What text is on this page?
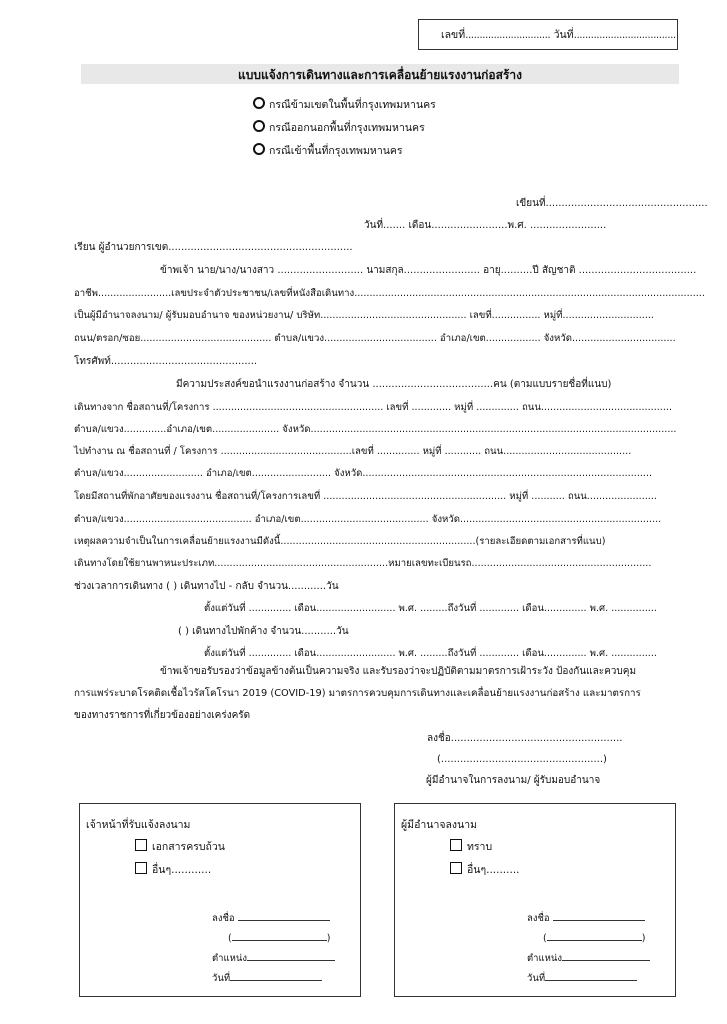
เลขที่.............................. วันที่....................................
แบบแจ้งการเดินทางและการเคลื่อนย้ายแรงงานก่อสร้าง
กรณีข้ามเขตในพื้นที่กรุงเทพมหานคร
กรณีออกนอกพื้นที่กรุงเทพมหานคร
กรณีเข้าพื้นที่กรุงเทพมหานคร
เขียนที่...................................................
วันที่....... เดือน........................พ.ศ. ........................
เรียน ผู้อำนวยการเขต..........................................................
ข้าพเจ้า นาย/นาง/นางสาว ........................... นามสกุล........................ อายุ..........ปี สัญชาติ .....................................
อาชีพ........................เลขประจำตัวประชาชน/เลขที่หนังสือเดินทาง...................................................................................................................
เป็นผู้มีอำนาจลงนาม/ ผู้รับมอบอำนาจ ของหน่วยงาน/ บริษัท................................................ เลขที่................ หมู่ที่..............................
ถนน/ตรอก/ซอย........................................... ตำบล/แขวง..................................... อำเภอ/เขต.................. จังหวัด..................................
โทรศัพท์..............................................
มีความประสงค์ขอนำแรงงานก่อสร้าง จำนวน ......................................คน (ตามแบบรายชื่อที่แนบ)
เดินทางจาก ชื่อสถานที่/โครงการ ........................................................ เลขที่ ............. หมู่ที่ .............. ถนน...........................................
ตำบล/แขวง..............อำเภอ/เขต...................... จังหวัด........................................................................................................................
ไปทำงาน ณ ชื่อสถานที่ / โครงการ ...........................................เลขที่ .............. หมู่ที่ ............ ถนน..........................................
ตำบล/แขวง.......................... อำเภอ/เขต.......................... จังหวัด...............................................................................................
โดยมีสถานที่พักอาศัยของแรงงาน ชื่อสถานที่/โครงการเลขที่ ............................................................ หมู่ที่ ........... ถนน.......................
ตำบล/แขวง.......................................... อำเภอ/เขต.......................................... จังหวัด..................................................................
เหตุผลความจำเป็นในการเคลื่อนย้ายแรงงานมีดังนี้................................................................(รายละเอียดตามเอกสารที่แนบ)
เดินทางโดยใช้ยานพาหนะประเภท.........................................................หมายเลขทะเบียนรถ...........................................................
ช่วงเวลาการเดินทาง ( ) เดินทางไป - กลับ จำนวน............วัน
ตั้งแต่วันที่ .............. เดือน.......................... พ.ศ. .........ถึงวันที่ ............. เดือน.............. พ.ศ. ...............
( ) เดินทางไปพักค้าง จำนวน...........วัน
ตั้งแต่วันที่ .............. เดือน.......................... พ.ศ. .........ถึงวันที่ ............. เดือน.............. พ.ศ. ...............
ข้าพเจ้าขอรับรองว่าข้อมูลข้างต้นเป็นความจริง และรับรองว่าจะปฏิบัติตามมาตรการเฝ้าระวัง ป้องกันและควบคุม
การแพร่ระบาดโรคติดเชื้อไวรัสโคโรนา 2019 (COVID-19) มาตรการควบคุมการเดินทางและเคลื่อนย้ายแรงงานก่อสร้าง และมาตรการ
ของทางราชการที่เกี่ยวข้องอย่างเคร่งครัด
ลงชื่อ......................................................
(...................................................)
ผู้มีอำนาจในการลงนาม/ ผู้รับมอบอำนาจ
เจ้าหน้าที่รับแจ้งลงนาม
เอกสารครบถ้วน
อื่นๆ............
ลงชื่อ
(	)
ตำแหน่ง
วันที่
ผู้มีอำนาจลงนาม
ทราบ
อื่นๆ..........
ลงชื่อ
(	)
ตำแหน่ง
วันที่
